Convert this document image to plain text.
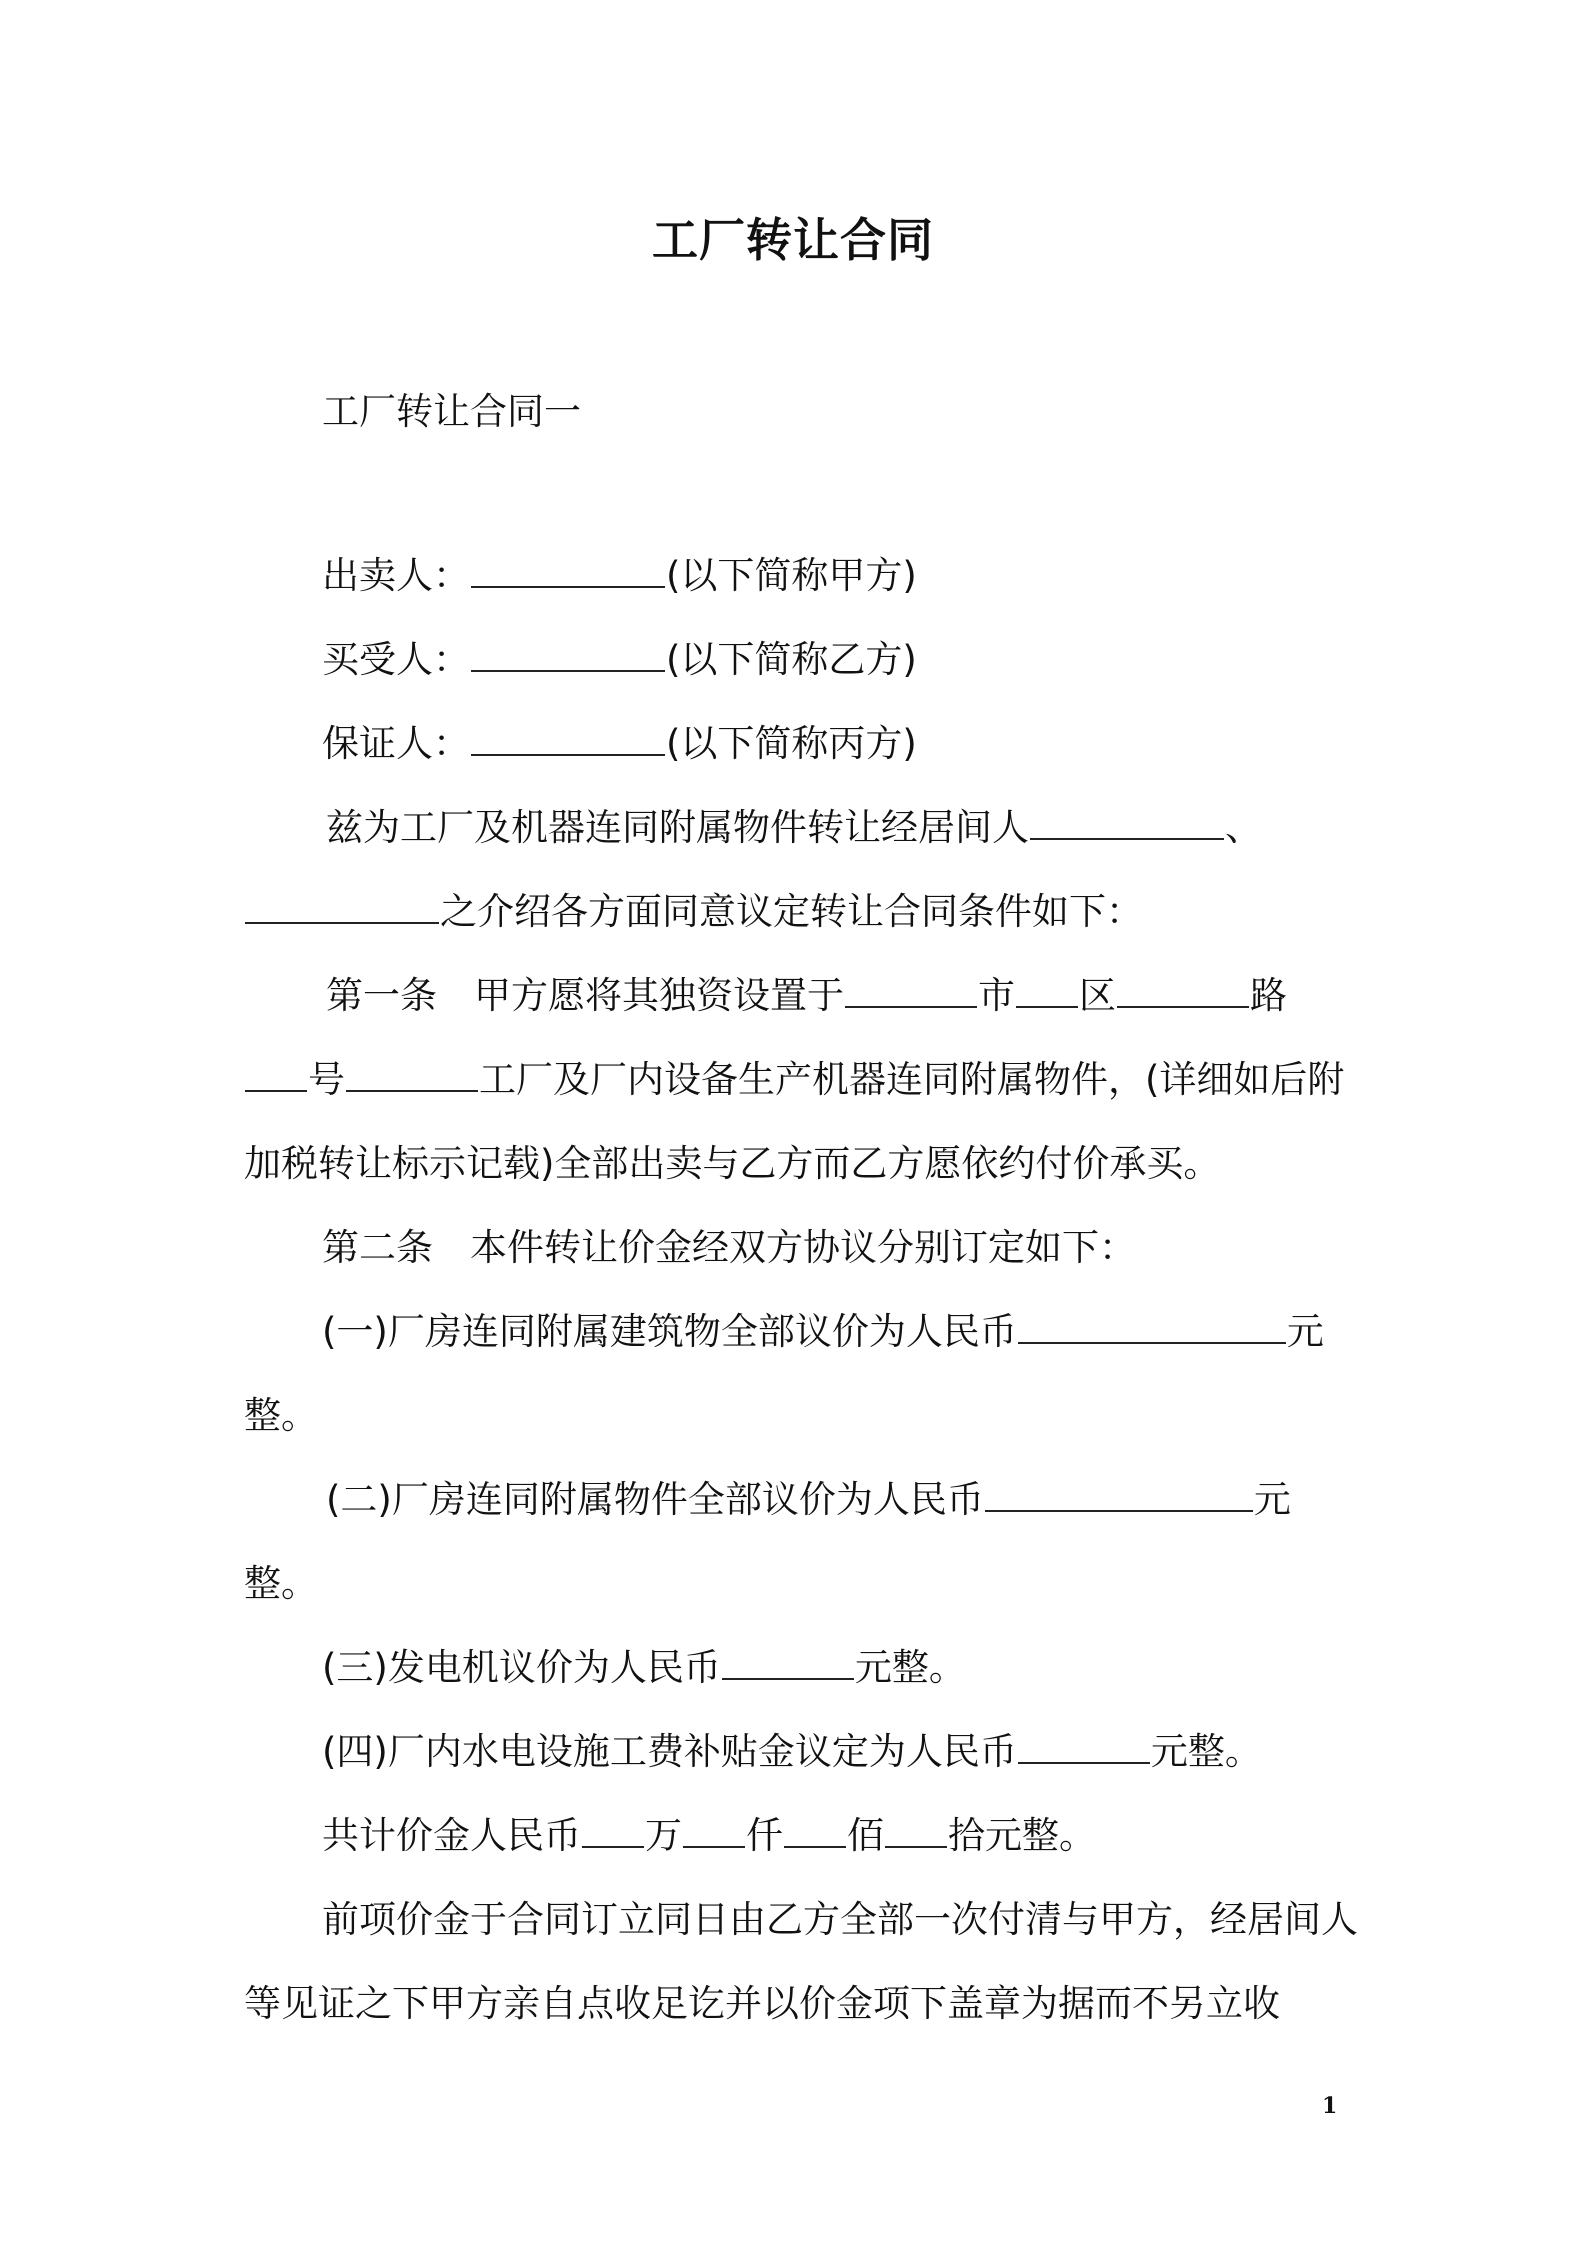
工厂转让合同
工厂转让合同一
出卖人：	(以下简称甲方)
买受人：	(以下简称乙方)
保证人：	(以下简称丙方)
兹为工厂及机器连同附属物件转让经居间人	、
之介绍各方面同意议定转让合同条件如下：
第一条　甲方愿将其独资设置于	市 区	路
号	工厂及厂内设备生产机器连同附属物件，(详细如后附
加税转让标示记载)全部出卖与乙方而乙方愿依约付价承买。
第二条　本件转让价金经双方协议分别订定如下：
(一)厂房连同附属建筑物全部议价为人民币	元
整。
(二)厂房连同附属物件全部议价为人民币	元
整。
(三)发电机议价为人民币	元整。
(四)厂内水电设施工费补贴金议定为人民币	元整。
共计价金人民币 万 仟 佰 拾元整。
前项价金于合同订立同日由乙方全部一次付清与甲方，经居间人
等见证之下甲方亲自点收足讫并以价金项下盖章为据而不另立收
1
